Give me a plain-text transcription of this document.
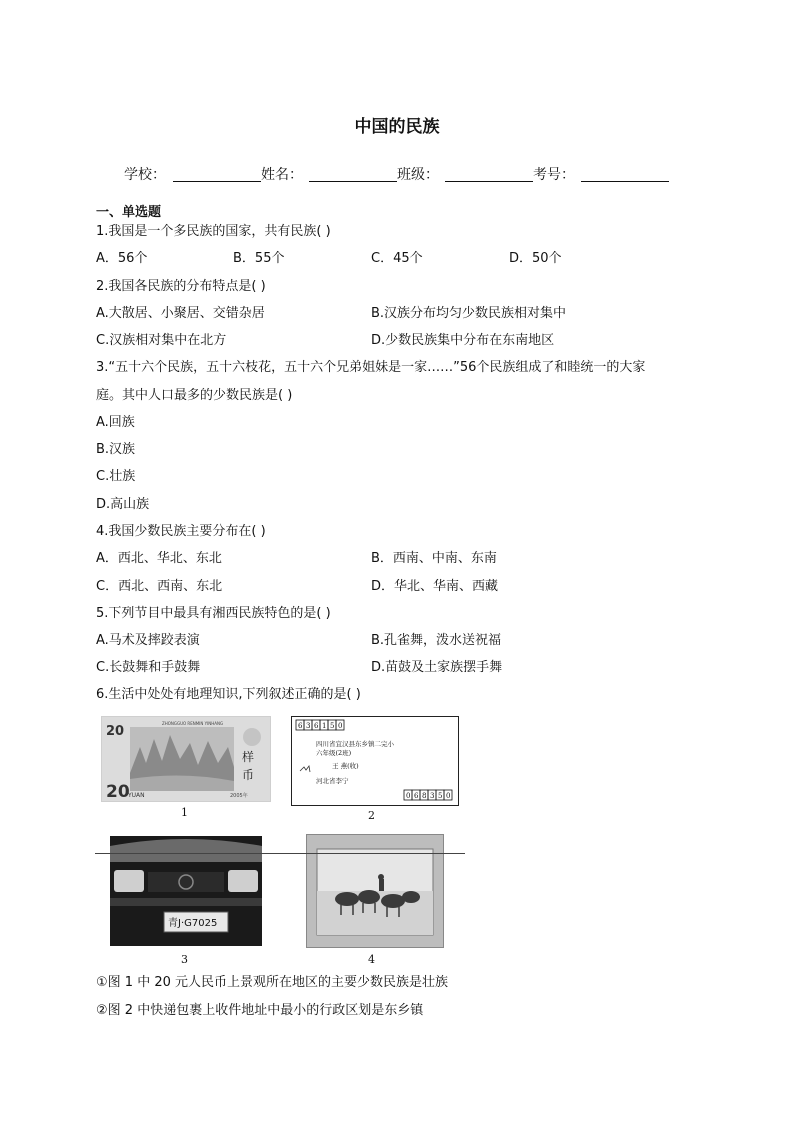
中国的民族
学校：	姓名：	班级：	考号：
一、单选题
1.我国是一个多民族的国家，共有民族( )
A．56个	B．55个	C．45个	D．50个
2.我国各民族的分布特点是( )
A.大散居、小聚居、交错杂居	B.汉族分布均匀少数民族相对集中
C.汉族相对集中在北方	D.少数民族集中分布在东南地区
3.“五十六个民族，五十六枝花，五十六个兄弟姐妹是一家……”56个民族组成了和睦统一的大家
庭。其中人口最多的少数民族是( )
A.回族
B.汉族
C.壮族
D.高山族
4.我国少数民族主要分布在( )
A．西北、华北、东北	B．西南、中南、东南
C．西北、西南、东北	D．华北、华南、西藏
5.下列节目中最具有湘西民族特色的是( )
A.马术及摔跤表演	B.孔雀舞，泼水送祝福
C.长鼓舞和手鼓舞	D.苗鼓及土家族摆手舞
6.生活中处处有地理知识,下列叙述正确的是( )
ZHONGGUO RENMIN YINHANG
20
20
YUAN
样
币
2005年
1
6 3 6 1 5 0
四川省宜汉县东乡镇二完小
六年级(2班)
王 燕(收)
河北省李宁
0 6 8 3 5 0
2
青J·G7025
3	4
①图 1 中 20 元人民币上景观所在地区的主要少数民族是壮族
②图 2 中快递包裹上收件地址中最小的行政区划是东乡镇
